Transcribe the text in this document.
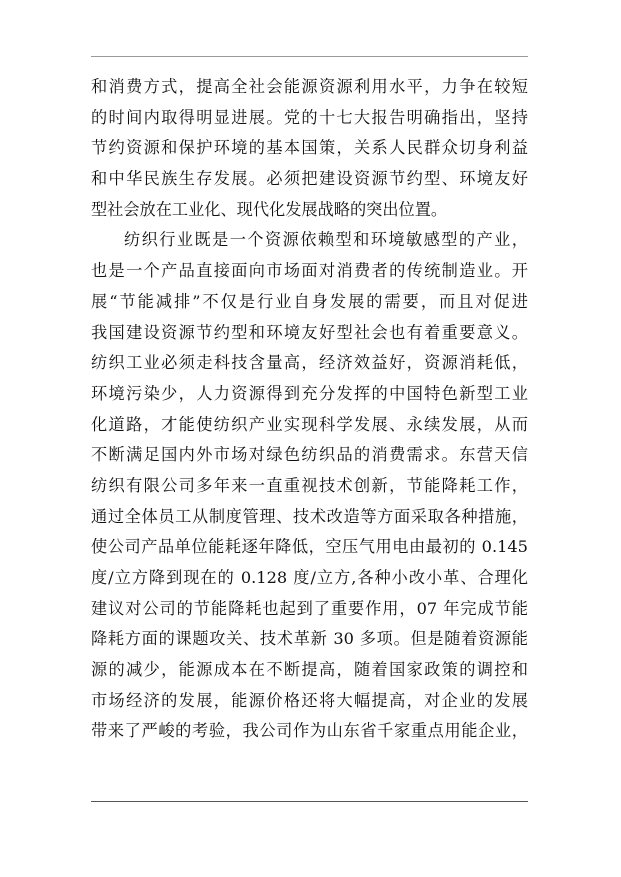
和消费方式，提高全社会能源资源利用水平，力争在较短
的时间内取得明显进展。党的十七大报告明确指出，坚持
节约资源和保护环境的基本国策，关系人民群众切身利益
和中华民族生存发展。必须把建设资源节约型、环境友好
型社会放在工业化、现代化发展战略的突出位置。
纺织行业既是一个资源依赖型和环境敏感型的产业，
也是一个产品直接面向市场面对消费者的传统制造业。开
展“节能减排”不仅是行业自身发展的需要，而且对促进
我国建设资源节约型和环境友好型社会也有着重要意义。
纺织工业必须走科技含量高，经济效益好，资源消耗低，
环境污染少，人力资源得到充分发挥的中国特色新型工业
化道路，才能使纺织产业实现科学发展、永续发展，从而
不断满足国内外市场对绿色纺织品的消费需求。东营天信
纺织有限公司多年来一直重视技术创新，节能降耗工作，
通过全体员工从制度管理、技术改造等方面采取各种措施，
使公司产品单位能耗逐年降低，空压气用电由最初的 0.145
度/立方降到现在的 0.128 度/立方,各种小改小革、合理化
建议对公司的节能降耗也起到了重要作用，07 年完成节能
降耗方面的课题攻关、技术革新 30 多项。但是随着资源能
源的减少，能源成本在不断提高，随着国家政策的调控和
市场经济的发展，能源价格还将大幅提高，对企业的发展
带来了严峻的考验，我公司作为山东省千家重点用能企业，
